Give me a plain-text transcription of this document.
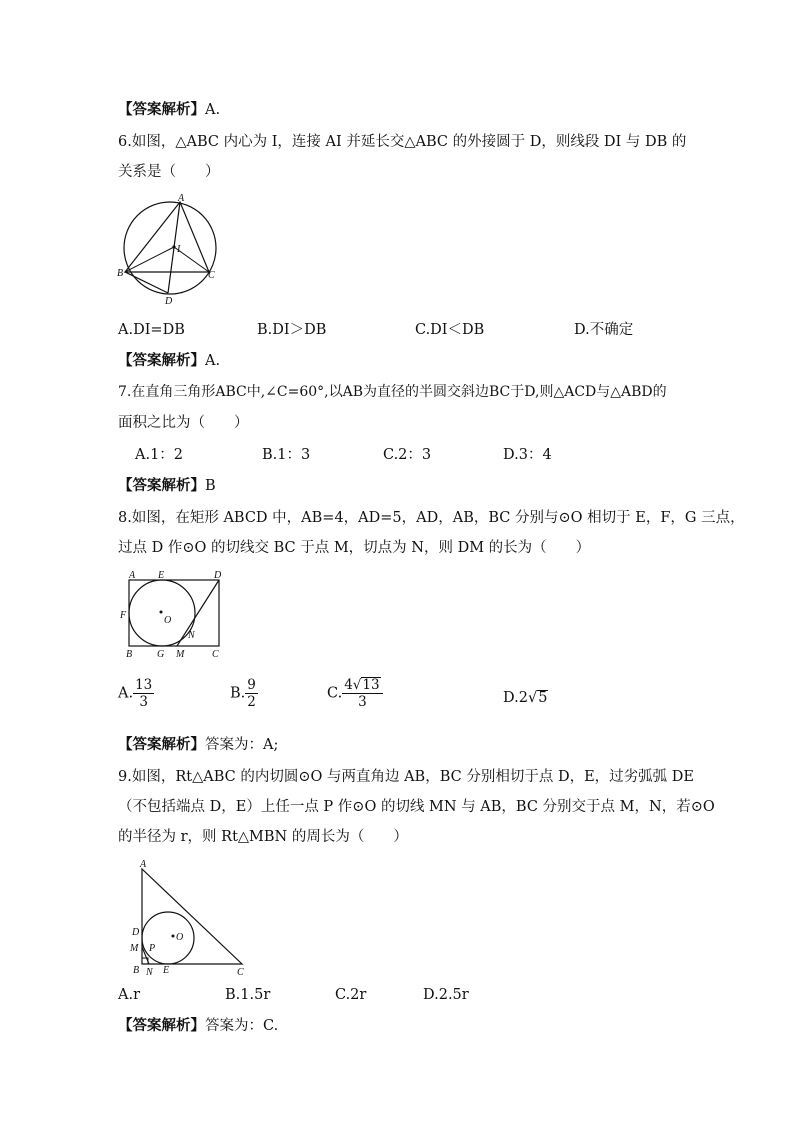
【答案解析】A.
6.如图，△ABC 内心为 I，连接 AI 并延长交△ABC 的外接圆于 D，则线段 DI 与 DB 的
关系是（　　）
A
I
B	C
D
A.DI=DB	B.DI＞DB	C.DI＜DB	D.不确定
【答案解析】A.
7.在直角三角形ABC中,∠C=60°,以AB为直径的半圆交斜边BC于D,则△ACD与△ABD的
面积之比为（　　）
A.1：2	B.1：3	C.2：3	D.3：4
【答案解析】B
8.如图，在矩形 ABCD 中，AB=4，AD=5，AD，AB，BC 分别与⊙O 相切于 E，F，G 三点，
过点 D 作⊙O 的切线交 BC 于点 M，切点为 N，则 DM 的长为（　　）
A E	D
F	O
N
B G M	C
A. $\frac{13}{3}$	B. $\frac{9}{2}$	C. $\frac{4√13}{3}$	D.2√5
【答案解析】答案为：A;
9.如图，Rt△ABC 的内切圆⊙O 与两直角边 AB，BC 分别相切于点 D，E，过劣弧弧 DE
（不包括端点 D，E）上任一点 P 作⊙O 的切线 MN 与 AB，BC 分别交于点 M，N，若⊙O
的半径为 r，则 Rt△MBN 的周长为（　　）
A
D
M P
O
B N E	C
A.r	B.1.5r	C.2r	D.2.5r
【答案解析】答案为：C.
